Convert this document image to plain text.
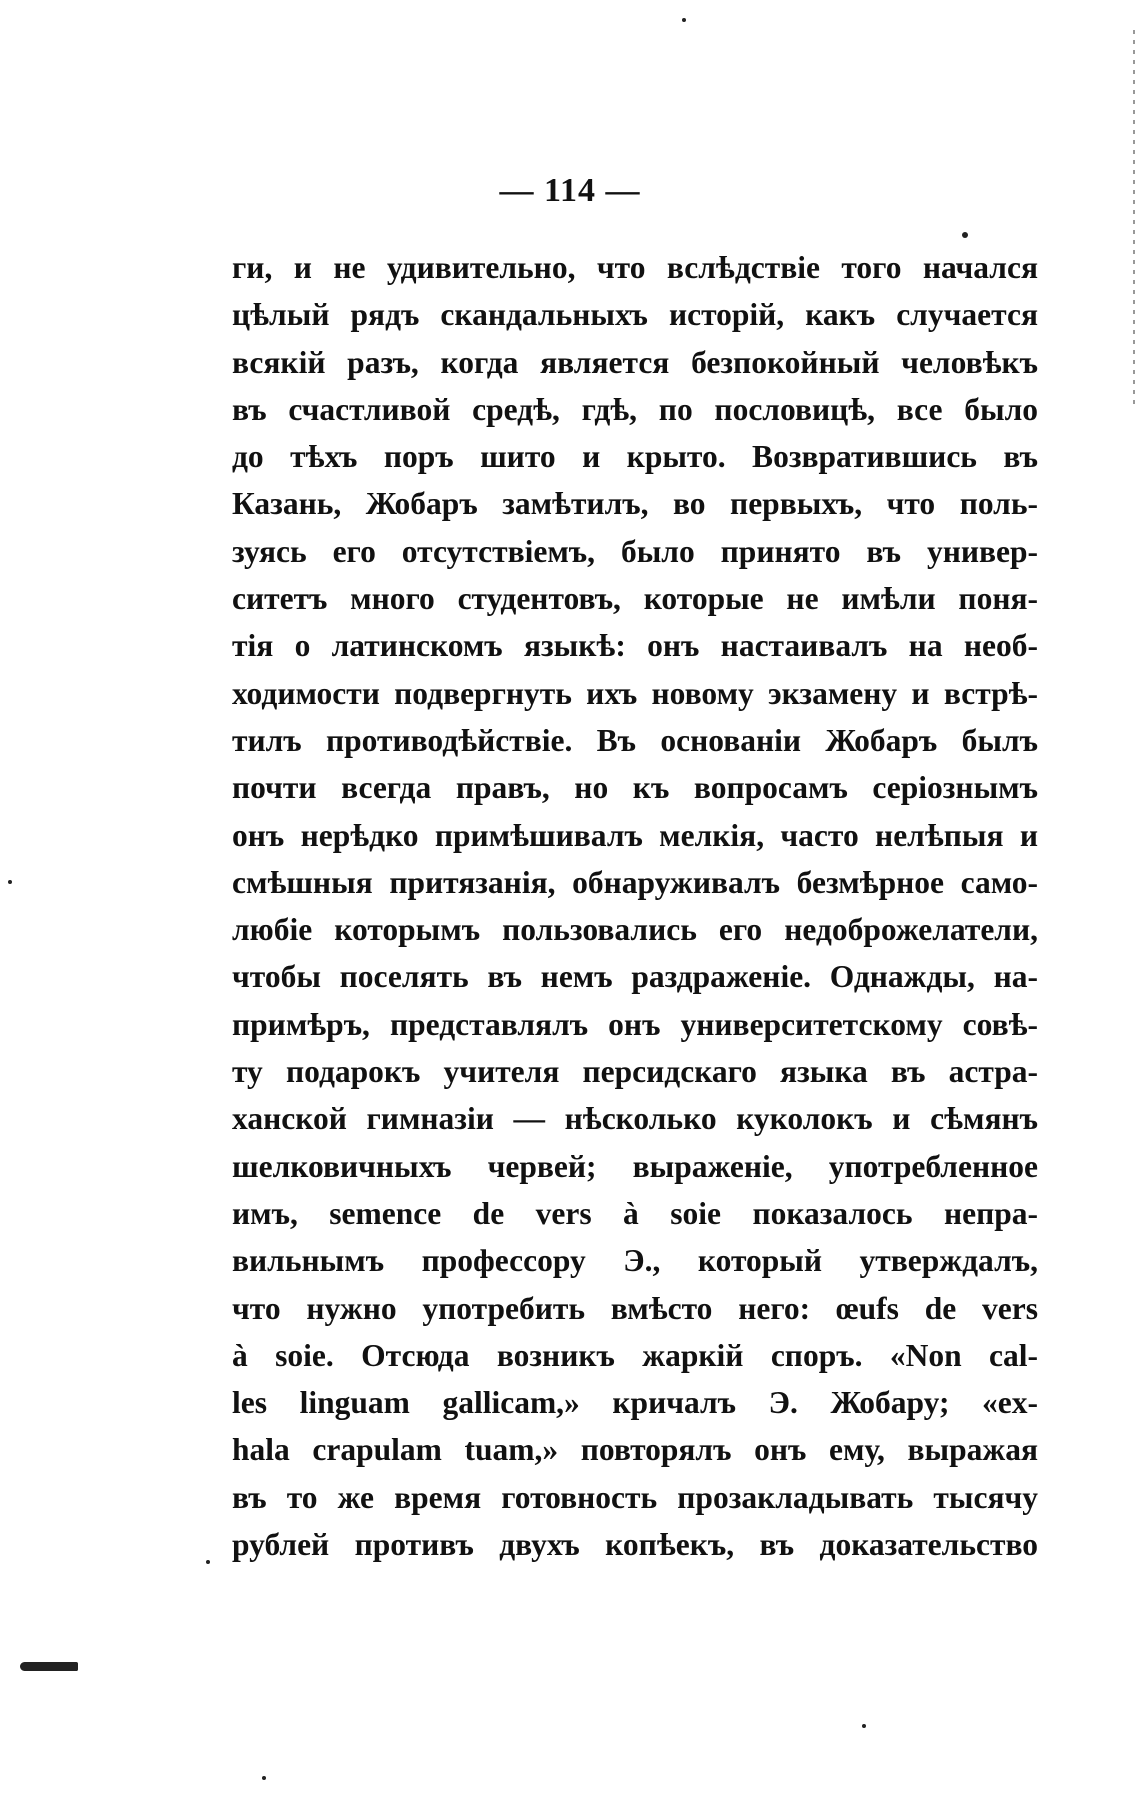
— 114 —
ги, и не удивительно, что вслѣдствіе того начался
цѣлый рядъ скандальныхъ исторій, какъ случается
всякій разъ, когда является безпокойный человѣкъ
въ счастливой средѣ, гдѣ, по пословицѣ, все было
до тѣхъ поръ шито и крыто. Возвратившись въ
Казань, Жобаръ замѣтилъ, во первыхъ, что поль-
зуясь его отсутствіемъ, было принято въ универ-
ситетъ много студентовъ, которые не имѣли поня-
тія о латинскомъ языкѣ: онъ настаивалъ на необ-
ходимости подвергнуть ихъ новому экзамену и встрѣ-
тилъ противодѣйствіе. Въ основаніи Жобаръ былъ
почти всегда правъ, но къ вопросамъ серіознымъ
онъ нерѣдко примѣшивалъ мелкія, часто нелѣпыя и
смѣшныя притязанія, обнаруживалъ безмѣрное само-
любіе которымъ пользовались его недоброжелатели,
чтобы поселять въ немъ раздраженіе. Однажды, на-
примѣръ, представлялъ онъ университетскому совѣ-
ту подарокъ учителя персидскаго языка въ астра-
ханской гимназіи — нѣсколько куколокъ и сѣмянъ
шелковичныхъ червей; выраженіе, употребленное
имъ, semence de vers à soie показалось непра-
вильнымъ профессору Э., который утверждалъ,
что нужно употребить вмѣсто него: œufs de vers
à soie. Отсюда возникъ жаркій споръ. «Non cal-
les linguam gallicam,» кричалъ Э. Жобару; «ex-
hala crapulam tuam,» повторялъ онъ ему, выражая
въ то же время готовность прозакладывать тысячу
рублей противъ двухъ копѣекъ, въ доказательство
